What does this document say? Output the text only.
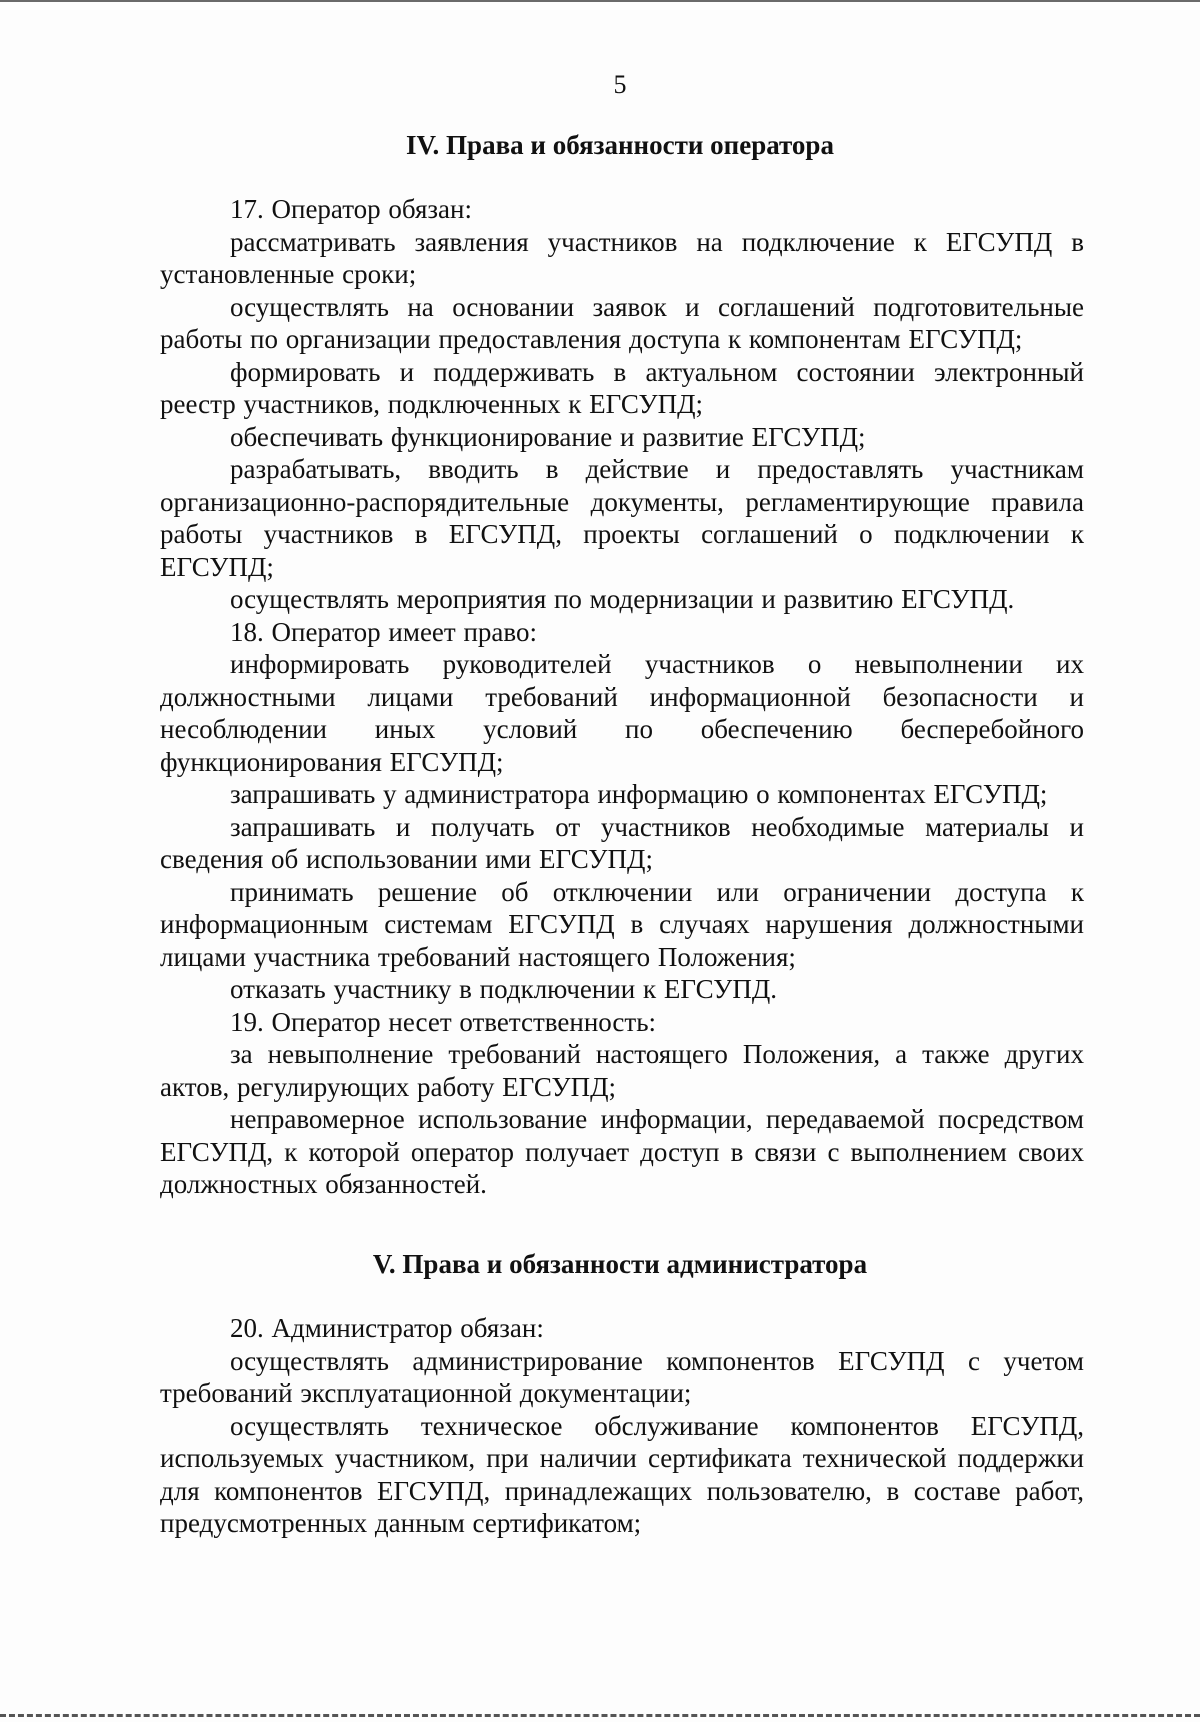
5
IV. Права и обязанности оператора

17. Оператор обязан:

рассматривать заявления участников на подключение к ЕГСУПД в установленные сроки;

осуществлять на основании заявок и соглашений подготовительные работы по организации предоставления доступа к компонентам ЕГСУПД;

формировать и поддерживать в актуальном состоянии электронный реестр участников, подключенных к ЕГСУПД;

обеспечивать функционирование и развитие ЕГСУПД;

разрабатывать, вводить в действие и предоставлять участникам организационно-распорядительные документы, регламентирующие правила работы участников в ЕГСУПД, проекты соглашений о подключении к ЕГСУПД;

осуществлять мероприятия по модернизации и развитию ЕГСУПД.

18. Оператор имеет право:

информировать руководителей участников о невыполнении их должностными лицами требований информационной безопасности и несоблюдении иных условий по обеспечению бесперебойного функционирования ЕГСУПД;

запрашивать у администратора информацию о компонентах ЕГСУПД;

запрашивать и получать от участников необходимые материалы и сведения об использовании ими ЕГСУПД;

принимать решение об отключении или ограничении доступа к информационным системам ЕГСУПД в случаях нарушения должностными лицами участника требований настоящего Положения;

отказать участнику в подключении к ЕГСУПД.

19. Оператор несет ответственность:

за невыполнение требований настоящего Положения, а также других актов, регулирующих работу ЕГСУПД;

неправомерное использование информации, передаваемой посредством ЕГСУПД, к которой оператор получает доступ в связи с выполнением своих должностных обязанностей.

V. Права и обязанности администратора

20. Администратор обязан:

осуществлять администрирование компонентов ЕГСУПД с учетом требований эксплуатационной документации;

осуществлять техническое обслуживание компонентов ЕГСУПД, используемых участником, при наличии сертификата технической поддержки для компонентов ЕГСУПД, принадлежащих пользователю, в составе работ, предусмотренных данным сертификатом;
